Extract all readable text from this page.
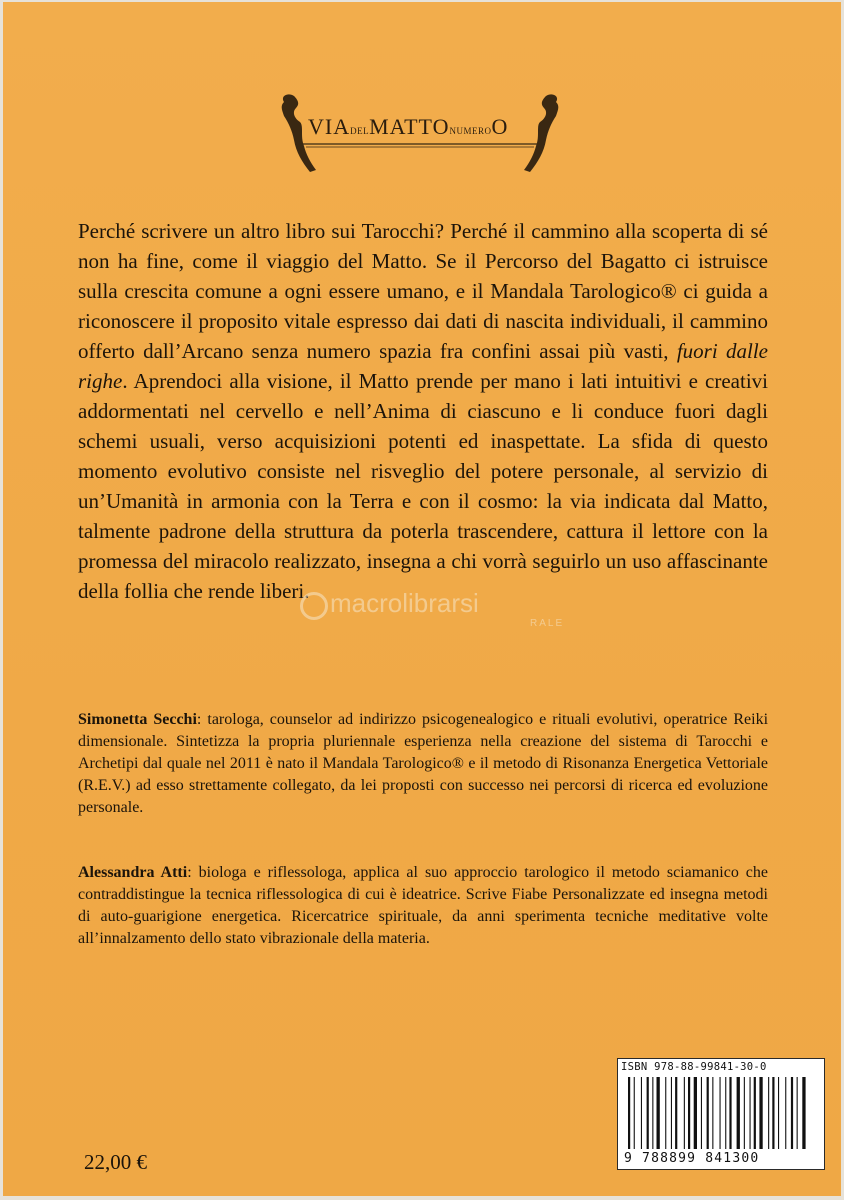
VIADELMATTONUMEROO

Perché scrivere un altro libro sui Tarocchi? Perché il cammino alla scoperta di sé non ha fine, come il viaggio del Matto. Se il Percorso del Bagatto ci istruisce sulla crescita comune a ogni essere umano, e il Mandala Tarologico® ci guida a riconoscere il proposito vitale espresso dai dati di nascita individuali, il cammino offerto dall’Arcano senza numero spazia fra confini assai più vasti, fuori dalle righe. Aprendoci alla visione, il Matto prende per mano i lati intuitivi e creativi addormentati nel cervello e nell’Anima di ciascuno e li conduce fuori dagli schemi usuali, verso acquisizioni potenti ed inaspettate. La sfida di questo momento evolutivo consiste nel risveglio del potere personale, al servizio di un’Umanità in armonia con la Terra e con il cosmo: la via indicata dal Matto, talmente padrone della struttura da poterla trascendere, cattura il lettore con la promessa del miracolo realizzato, insegna a chi vorrà seguirlo un uso affascinante della follia che rende liberi. macrolibrarsi
RALE

Simonetta Secchi: tarologa, counselor ad indirizzo psicogenealogico e rituali evolutivi, operatrice Reiki dimensionale. Sintetizza la propria pluriennale esperienza nella creazione del sistema di Tarocchi e Archetipi dal quale nel 2011 è nato il Mandala Tarologico® e il metodo di Risonanza Energetica Vettoriale (R.E.V.) ad esso strettamente collegato, da lei proposti con successo nei percorsi di ricerca ed evoluzione personale.

Alessandra Atti: biologa e riflessologa, applica al suo approccio tarologico il metodo sciamanico che contraddistingue la tecnica riflessologica di cui è ideatrice. Scrive Fiabe Personalizzate ed insegna metodi di auto-guarigione energetica. Ricercatrice spirituale, da anni sperimenta tecniche meditative volte all’innalzamento dello stato vibrazionale della materia.

ISBN 978-88-99841-30-0
9 788899 841300

22,00 €
